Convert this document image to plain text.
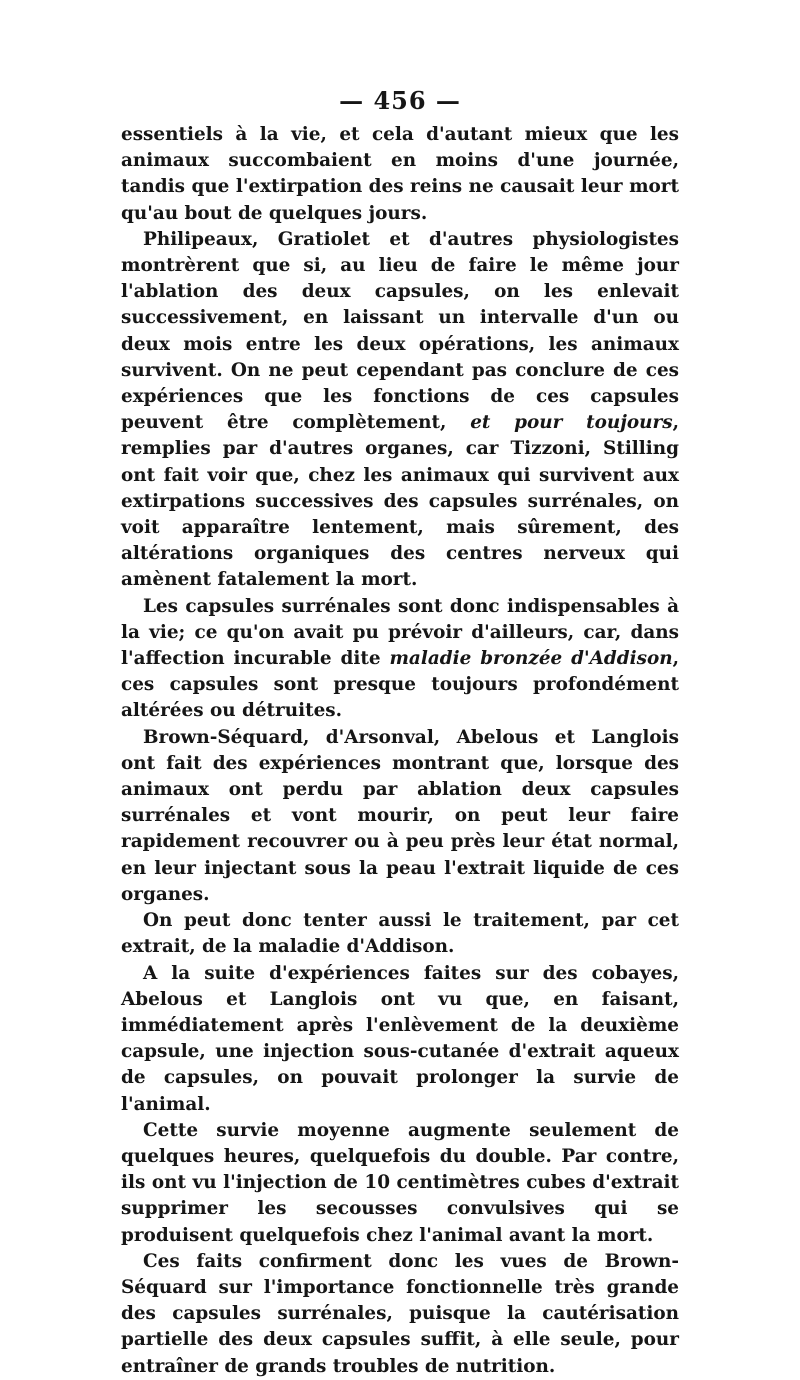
— 456 —

essentiels à la vie, et cela d'autant mieux que les animaux succombaient en moins d'une journée, tandis que l'extirpation des reins ne causait leur mort qu'au bout de quelques jours.

Philipeaux, Gratiolet et d'autres physiologistes montrèrent que si, au lieu de faire le même jour l'ablation des deux capsules, on les enlevait successivement, en laissant un intervalle d'un ou deux mois entre les deux opérations, les animaux survivent. On ne peut cependant pas conclure de ces expériences que les fonctions de ces capsules peuvent être complètement, et pour toujours, remplies par d'autres organes, car Tizzoni, Stilling ont fait voir que, chez les animaux qui survivent aux extirpations successives des capsules surrénales, on voit apparaître lentement, mais sûrement, des altérations organiques des centres nerveux qui amènent fatalement la mort.

Les capsules surrénales sont donc indispensables à la vie; ce qu'on avait pu prévoir d'ailleurs, car, dans l'affection incurable dite maladie bronzée d'Addison, ces capsules sont presque toujours profondément altérées ou détruites.

Brown-Séquard, d'Arsonval, Abelous et Langlois ont fait des expériences montrant que, lorsque des animaux ont perdu par ablation deux capsules surrénales et vont mourir, on peut leur faire rapidement recouvrer ou à peu près leur état normal, en leur injectant sous la peau l'extrait liquide de ces organes.

On peut donc tenter aussi le traitement, par cet extrait, de la maladie d'Addison.

A la suite d'expériences faites sur des cobayes, Abelous et Langlois ont vu que, en faisant, immédiatement après l'enlèvement de la deuxième capsule, une injection sous-cutanée d'extrait aqueux de capsules, on pouvait prolonger la survie de l'animal.

Cette survie moyenne augmente seulement de quelques heures, quelquefois du double. Par contre, ils ont vu l'injection de 10 centimètres cubes d'extrait supprimer les secousses convulsives qui se produisent quelquefois chez l'animal avant la mort.

Ces faits confirment donc les vues de Brown-Séquard sur l'importance fonctionnelle très grande des capsules surrénales, puisque la cautérisation partielle des deux capsules suffit, à elle seule, pour entraîner de grands troubles de nutrition.
